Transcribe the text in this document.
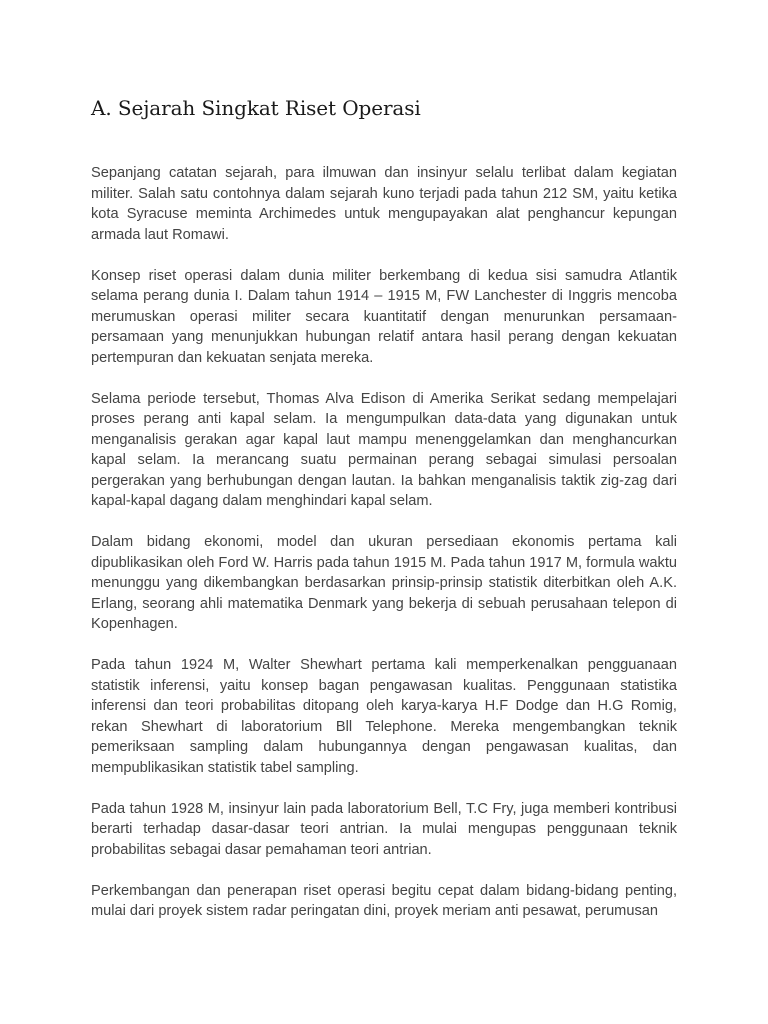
A. Sejarah Singkat Riset Operasi

Sepanjang catatan sejarah, para ilmuwan dan insinyur selalu terlibat dalam kegiatan militer. Salah satu contohnya dalam sejarah kuno terjadi pada tahun 212 SM, yaitu ketika kota Syracuse meminta Archimedes untuk mengupayakan alat penghancur kepungan armada laut Romawi.

Konsep riset operasi dalam dunia militer berkembang di kedua sisi samudra Atlantik selama perang dunia I. Dalam tahun 1914 – 1915 M, FW Lanchester di Inggris mencoba merumuskan operasi militer secara kuantitatif dengan menurunkan persamaan-persamaan yang menunjukkan hubungan relatif antara hasil perang dengan kekuatan pertempuran dan kekuatan senjata mereka.

Selama periode tersebut, Thomas Alva Edison di Amerika Serikat sedang mempelajari proses perang anti kapal selam. Ia mengumpulkan data-data yang digunakan untuk menganalisis gerakan agar kapal laut mampu menenggelamkan dan menghancurkan kapal selam. Ia merancang suatu permainan perang sebagai simulasi persoalan pergerakan yang berhubungan dengan lautan. Ia bahkan menganalisis taktik zig-zag dari kapal-kapal dagang dalam menghindari kapal selam.

Dalam bidang ekonomi, model dan ukuran persediaan ekonomis pertama kali dipublikasikan oleh Ford W. Harris pada tahun 1915 M. Pada tahun 1917 M, formula waktu menunggu yang dikembangkan berdasarkan prinsip-prinsip statistik diterbitkan oleh A.K. Erlang, seorang ahli matematika Denmark yang bekerja di sebuah perusahaan telepon di Kopenhagen.

Pada tahun 1924 M, Walter Shewhart pertama kali memperkenalkan pengguanaan statistik inferensi, yaitu konsep bagan pengawasan kualitas. Penggunaan statistika inferensi dan teori probabilitas ditopang oleh karya-karya H.F Dodge dan H.G Romig, rekan Shewhart di laboratorium Bll Telephone. Mereka mengembangkan teknik pemeriksaan sampling dalam hubungannya dengan pengawasan kualitas, dan mempublikasikan statistik tabel sampling.

Pada tahun 1928 M, insinyur lain pada laboratorium Bell, T.C Fry, juga memberi kontribusi berarti terhadap dasar-dasar teori antrian. Ia mulai mengupas penggunaan teknik probabilitas sebagai dasar pemahaman teori antrian.

Perkembangan dan penerapan riset operasi begitu cepat dalam bidang-bidang penting, mulai dari proyek sistem radar peringatan dini, proyek meriam anti pesawat, perumusan
